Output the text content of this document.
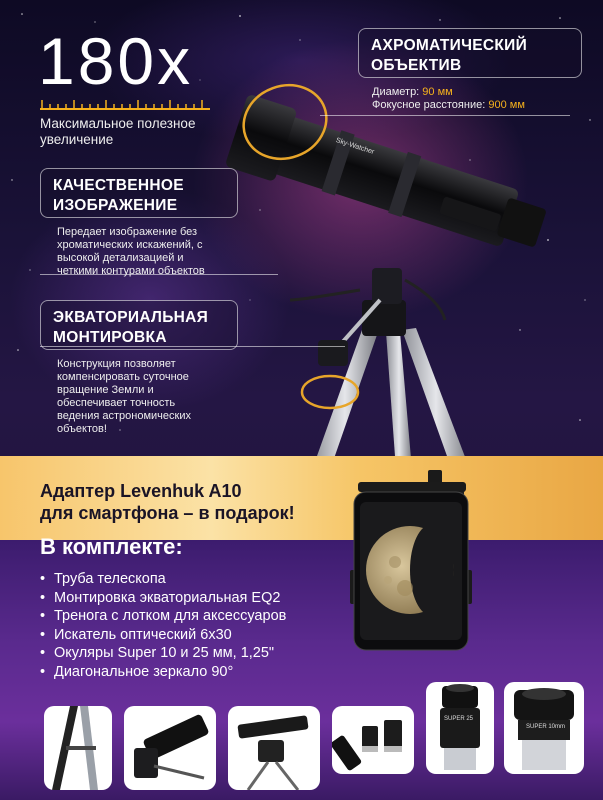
Sky-Watcher
180x
Максимальное полезное увеличение
АХРОМАТИЧЕСКИЙ ОБЪЕКТИВ
Диаметр: 90 мм
Фокусное расстояние: 900 мм
КАЧЕСТВЕННОЕ ИЗОБРАЖЕНИЕ
Передает изображение без хроматических искажений, с высокой детализацией и четкими контурами объектов
ЭКВАТОРИАЛЬНАЯ МОНТИРОВКА
Конструкция позволяет компенсировать суточное вращение Земли и обеспечивает точность ведения астрономических объектов!
Адаптер Levenhuk A10
для смартфона – в подарок!
В комплекте:
• Труба телескопа
• Монтировка экваториальная EQ2
• Тренога с лотком для аксессуаров
• Искатель оптический 6x30
• Окуляры Super 10 и 25 мм, 1,25"
• Диагональное зеркало 90°
SUPER 25
SUPER 10mm
